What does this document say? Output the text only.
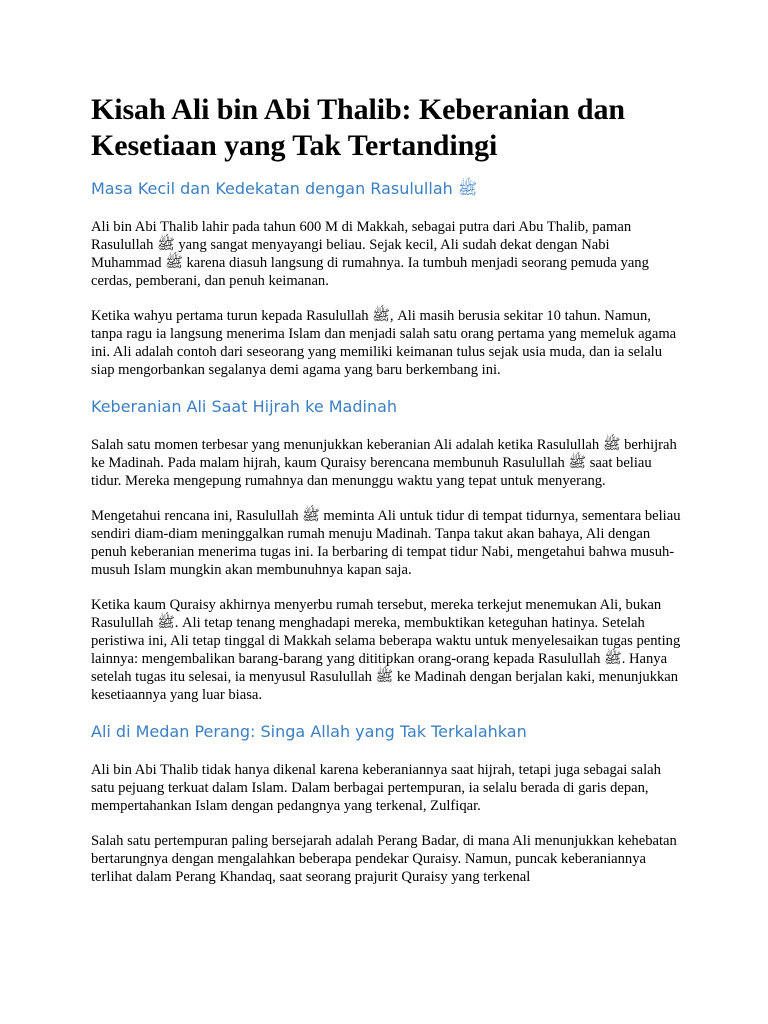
Kisah Ali bin Abi Thalib: Keberanian dan Kesetiaan yang Tak Tertandingi
Masa Kecil dan Kedekatan dengan Rasulullah ﷺ

Ali bin Abi Thalib lahir pada tahun 600 M di Makkah, sebagai putra dari Abu Thalib, paman Rasulullah ﷺ yang sangat menyayangi beliau. Sejak kecil, Ali sudah dekat dengan Nabi Muhammad ﷺ karena diasuh langsung di rumahnya. Ia tumbuh menjadi seorang pemuda yang cerdas, pemberani, dan penuh keimanan.

Ketika wahyu pertama turun kepada Rasulullah ﷺ, Ali masih berusia sekitar 10 tahun. Namun, tanpa ragu ia langsung menerima Islam dan menjadi salah satu orang pertama yang memeluk agama ini. Ali adalah contoh dari seseorang yang memiliki keimanan tulus sejak usia muda, dan ia selalu siap mengorbankan segalanya demi agama yang baru berkembang ini.

Keberanian Ali Saat Hijrah ke Madinah

Salah satu momen terbesar yang menunjukkan keberanian Ali adalah ketika Rasulullah ﷺ berhijrah ke Madinah. Pada malam hijrah, kaum Quraisy berencana membunuh Rasulullah ﷺ saat beliau tidur. Mereka mengepung rumahnya dan menunggu waktu yang tepat untuk menyerang.

Mengetahui rencana ini, Rasulullah ﷺ meminta Ali untuk tidur di tempat tidurnya, sementara beliau sendiri diam-diam meninggalkan rumah menuju Madinah. Tanpa takut akan bahaya, Ali dengan penuh keberanian menerima tugas ini. Ia berbaring di tempat tidur Nabi, mengetahui bahwa musuh-musuh Islam mungkin akan membunuhnya kapan saja.

Ketika kaum Quraisy akhirnya menyerbu rumah tersebut, mereka terkejut menemukan Ali, bukan Rasulullah ﷺ. Ali tetap tenang menghadapi mereka, membuktikan keteguhan hatinya. Setelah peristiwa ini, Ali tetap tinggal di Makkah selama beberapa waktu untuk menyelesaikan tugas penting lainnya: mengembalikan barang-barang yang dititipkan orang-orang kepada Rasulullah ﷺ. Hanya setelah tugas itu selesai, ia menyusul Rasulullah ﷺ ke Madinah dengan berjalan kaki, menunjukkan kesetiaannya yang luar biasa.

Ali di Medan Perang: Singa Allah yang Tak Terkalahkan

Ali bin Abi Thalib tidak hanya dikenal karena keberaniannya saat hijrah, tetapi juga sebagai salah satu pejuang terkuat dalam Islam. Dalam berbagai pertempuran, ia selalu berada di garis depan, mempertahankan Islam dengan pedangnya yang terkenal, Zulfiqar.

Salah satu pertempuran paling bersejarah adalah Perang Badar, di mana Ali menunjukkan kehebatan bertarungnya dengan mengalahkan beberapa pendekar Quraisy. Namun, puncak keberaniannya terlihat dalam Perang Khandaq, saat seorang prajurit Quraisy yang terkenal
